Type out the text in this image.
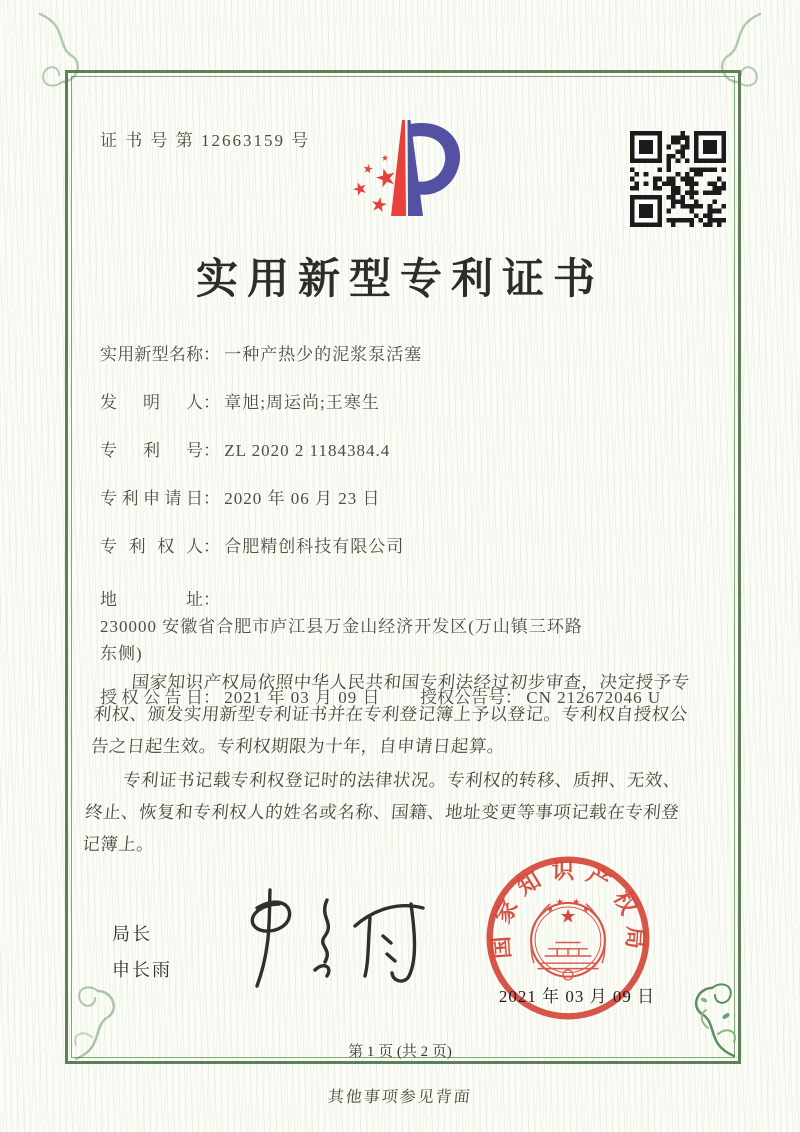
证 书 号 第 12663159 号
实用新型专利证书
实用新型名称： 一种产热少的泥浆泵活塞
发明人： 章旭;周运尚;王寒生
专利号： ZL 2020 2 1184384.4
专利申请日： 2020 年 06 月 23 日
专利权人： 合肥精创科技有限公司
地址： 230000 安徽省合肥市庐江县万金山经济开发区(万山镇三环路东侧)
授权公告日： 2021 年 03 月 09 日 授权公告号： CN 212672046 U

国家知识产权局依照中华人民共和国专利法经过初步审查，决定授予专利权、颁发实用新型专利证书并在专利登记簿上予以登记。专利权自授权公告之日起生效。专利权期限为十年，自申请日起算。

专利证书记载专利权登记时的法律状况。专利权的转移、质押、无效、终止、恢复和专利权人的姓名或名称、国籍、地址变更等事项记载在专利登记簿上。

局长
申长雨
国家知识产权局
2021 年 03 月 09 日
第 1 页 (共 2 页)
其他事项参见背面
